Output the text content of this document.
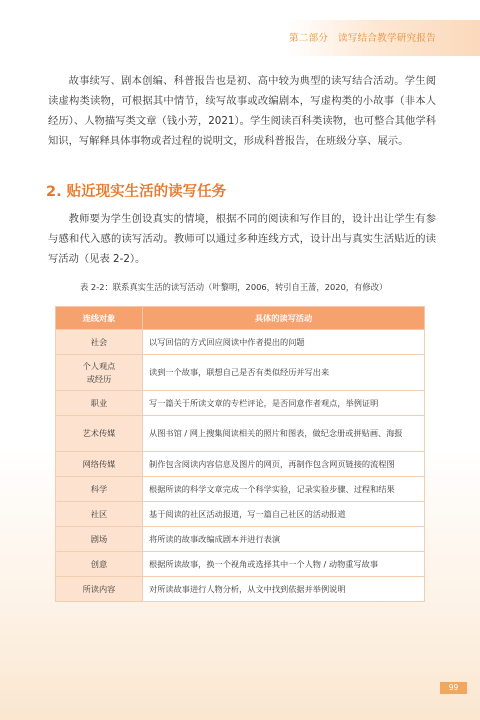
第二部分　读写结合教学研究报告

故事续写、剧本创编、科普报告也是初、高中较为典型的读写结合活动。学生阅读虚构类读物，可根据其中情节，续写故事或改编剧本，写虚构类的小故事（非本人经历）、人物描写类文章（钱小芳，2021）。学生阅读百科类读物，也可整合其他学科知识，写解释具体事物或者过程的说明文，形成科普报告，在班级分享、展示。

2. 贴近现实生活的读写任务

教师要为学生创设真实的情境，根据不同的阅读和写作目的，设计出让学生有参与感和代入感的读写活动。教师可以通过多种连线方式，设计出与真实生活贴近的读写活动（见表 2-2）。

表 2-2：联系真实生活的读写活动（叶黎明，2006，转引自王蔷，2020，有修改）
连线对象	具体的读写活动
社会	以写回信的方式回应阅读中作者提出的问题
个人观点
或经历	读到一个故事，联想自己是否有类似经历并写出来
职业	写一篇关于所读文章的专栏评论，是否同意作者观点，举例证明
艺术传媒	从图书馆 / 网上搜集阅读相关的照片和图表，做纪念册或拼贴画、海报
网络传媒	制作包含阅读内容信息及图片的网页，再制作包含网页链接的流程图
科学	根据所读的科学文章完成一个科学实验，记录实验步骤、过程和结果
社区	基于阅读的社区活动报道，写一篇自己社区的活动报道
剧场	将所读的故事改编成剧本并进行表演
创意	根据所读故事，换一个视角或选择其中一个人物 / 动物重写故事
所读内容	对所读故事进行人物分析，从文中找到依据并举例说明
99
